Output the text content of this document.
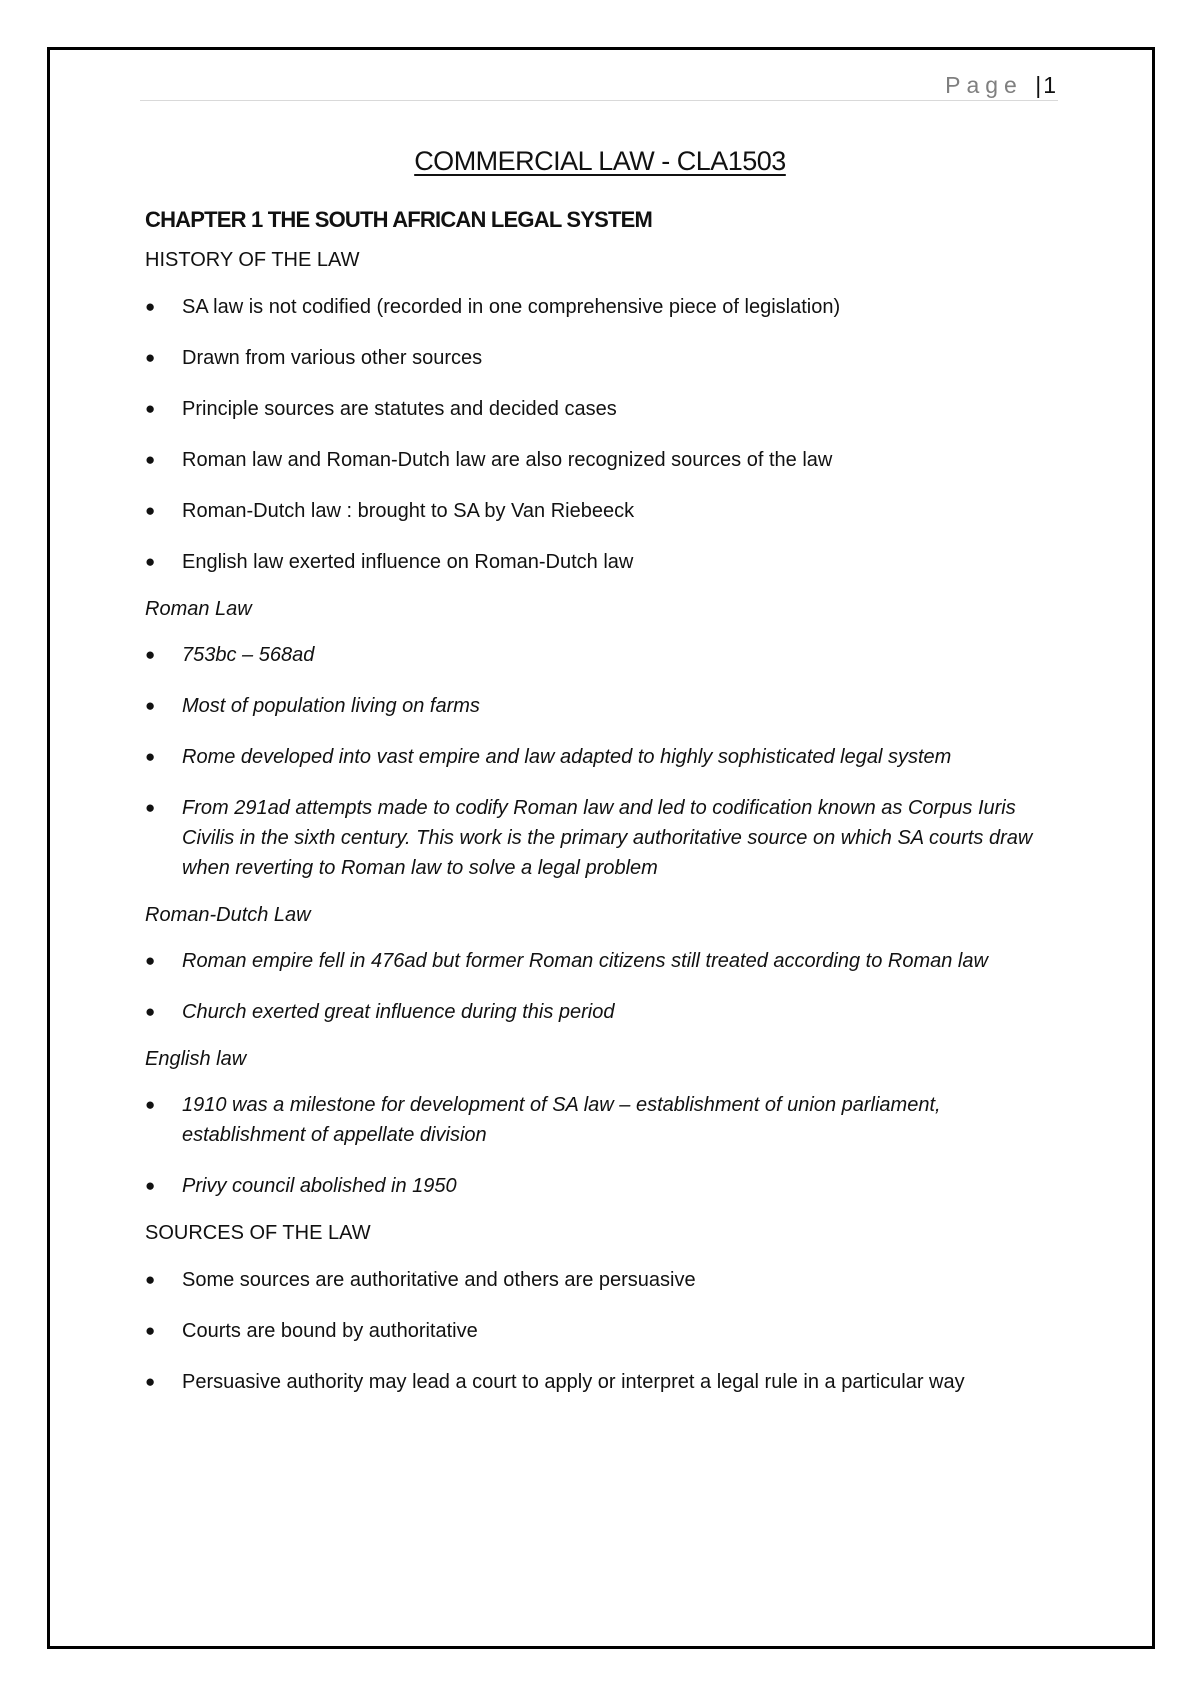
Page |1
COMMERCIAL LAW - CLA1503
CHAPTER 1 THE SOUTH AFRICAN LEGAL SYSTEM
HISTORY OF THE LAW
● SA law is not codified (recorded in one comprehensive piece of legislation)
● Drawn from various other sources
● Principle sources are statutes and decided cases
● Roman law and Roman-Dutch law are also recognized sources of the law
● Roman-Dutch law : brought to SA by Van Riebeeck
● English law exerted influence on Roman-Dutch law
Roman Law
● 753bc – 568ad
● Most of population living on farms
● Rome developed into vast empire and law adapted to highly sophisticated legal system
● From 291ad attempts made to codify Roman law and led to codification known as Corpus Iuris Civilis in the sixth century. This work is the primary authoritative source on which SA courts draw when reverting to Roman law to solve a legal problem
Roman-Dutch Law
● Roman empire fell in 476ad but former Roman citizens still treated according to Roman law
● Church exerted great influence during this period
English law
● 1910 was a milestone for development of SA law – establishment of union parliament, establishment of appellate division
● Privy council abolished in 1950
SOURCES OF THE LAW
● Some sources are authoritative and others are persuasive
● Courts are bound by authoritative
● Persuasive authority may lead a court to apply or interpret a legal rule in a particular way
